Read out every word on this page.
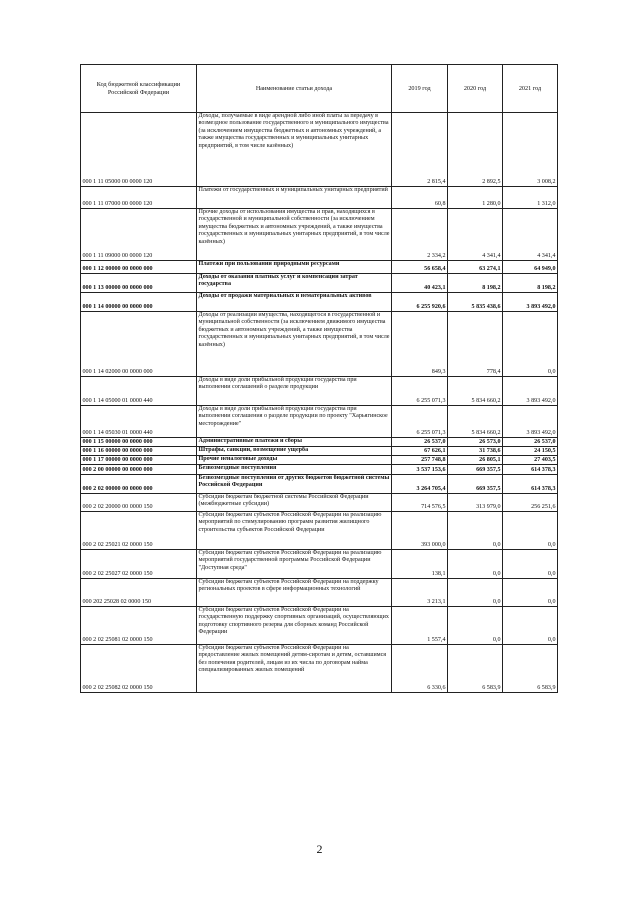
Код бюджетной классификации Российской Федерации	Наименование статьи дохода	2019 год	2020 год	2021 год
000 1 11 05000 00 0000 120	Доходы, получаемые в виде арендной либо иной платы за передачу в возмездное пользование государственного и муниципального имущества (за исключением имущества бюджетных и автономных учреждений, а также имущества государственных и муниципальных унитарных предприятий, в том числе казённых)	2 815,4	2 892,5	3 008,2
000 1 11 07000 00 0000 120	Платежи от государственных и муниципальных унитарных предприятий	60,8	1 280,0	1 312,0
000 1 11 09000 00 0000 120	Прочие доходы от использования имущества и прав, находящихся в государственной и муниципальной собственности (за исключением имущества бюджетных и автономных учреждений, а также имущества государственных и муниципальных унитарных предприятий, в том числе казённых)	2 334,2	4 341,4	4 341,4
000 1 12 00000 00 0000 000	Платежи при пользовании природными ресурсами	56 658,4	63 274,1	64 949,0
000 1 13 00000 00 0000 000	Доходы от оказания платных услуг и компенсации затрат государства	40 423,1	8 198,2	8 198,2
000 1 14 00000 00 0000 000	Доходы от продажи материальных и нематериальных активов	6 255 920,6	5 835 438,6	3 893 492,0
000 1 14 02000 00 0000 000	Доходы от реализации имущества, находящегося в государственной и муниципальной собственности (за исключением движимого имущества бюджетных и автономных учреждений, а также имущества государственных и муниципальных унитарных предприятий, в том числе казённых)	849,3	778,4	0,0
000 1 14 05000 01 0000 440	Доходы в виде доли прибыльной продукции государства при выполнении соглашений о разделе продукции	6 255 071,3	5 834 660,2	3 893 492,0
000 1 14 05030 01 0000 440	Доходы в виде доли прибыльной продукции государства при выполнении соглашения о разделе продукции по проекту "Харьягинское месторождение"	6 255 071,3	5 834 660,2	3 893 492,0
000 1 15 00000 00 0000 000	Административные платежи и сборы	26 537,0	26 573,0	26 537,0
000 1 16 00000 00 0000 000	Штрафы, санкции, возмещение ущерба	67 626,1	31 738,6	24 150,5
000 1 17 00000 00 0000 000	Прочие неналоговые доходы	257 748,8	26 805,1	27 403,5
000 2 00 00000 00 0000 000	Безвозмездные поступления	3 537 153,6	669 357,5	614 378,3
000 2 02 00000 00 0000 000	Безвозмездные поступления от других бюджетов бюджетной системы Российской Федерации	3 264 705,4	669 357,5	614 378,3
000 2 02 20000 00 0000 150	Субсидии бюджетам бюджетной системы Российской Федерации (межбюджетные субсидии)	714 576,5	313 979,0	256 251,6
000 2 02 25021 02 0000 150	Субсидии бюджетам субъектов Российской Федерации на реализацию мероприятий по стимулированию программ развития жилищного строительства субъектов Российской Федерации	393 000,0	0,0	0,0
000 2 02 25027 02 0000 150	Субсидии бюджетам субъектов Российской Федерации на реализацию мероприятий государственной программы Российской Федерации "Доступная среда"	138,1	0,0	0,0
000 202 25028 02 0000 150	Субсидии бюджетам субъектов Российской Федерации на поддержку региональных проектов в сфере информационных технологий	3 213,1	0,0	0,0
000 2 02 25081 02 0000 150	Субсидии бюджетам субъектов Российской Федерации на государственную поддержку спортивных организаций, осуществляющих подготовку спортивного резерва для сборных команд Российской Федерации	1 557,4	0,0	0,0
000 2 02 25082 02 0000 150	Субсидии бюджетам субъектов Российской Федерации на предоставление жилых помещений детям-сиротам и детям, оставшимся без попечения родителей, лицам из их числа по договорам найма специализированных жилых помещений	6 330,6	6 583,9	6 583,9
2
